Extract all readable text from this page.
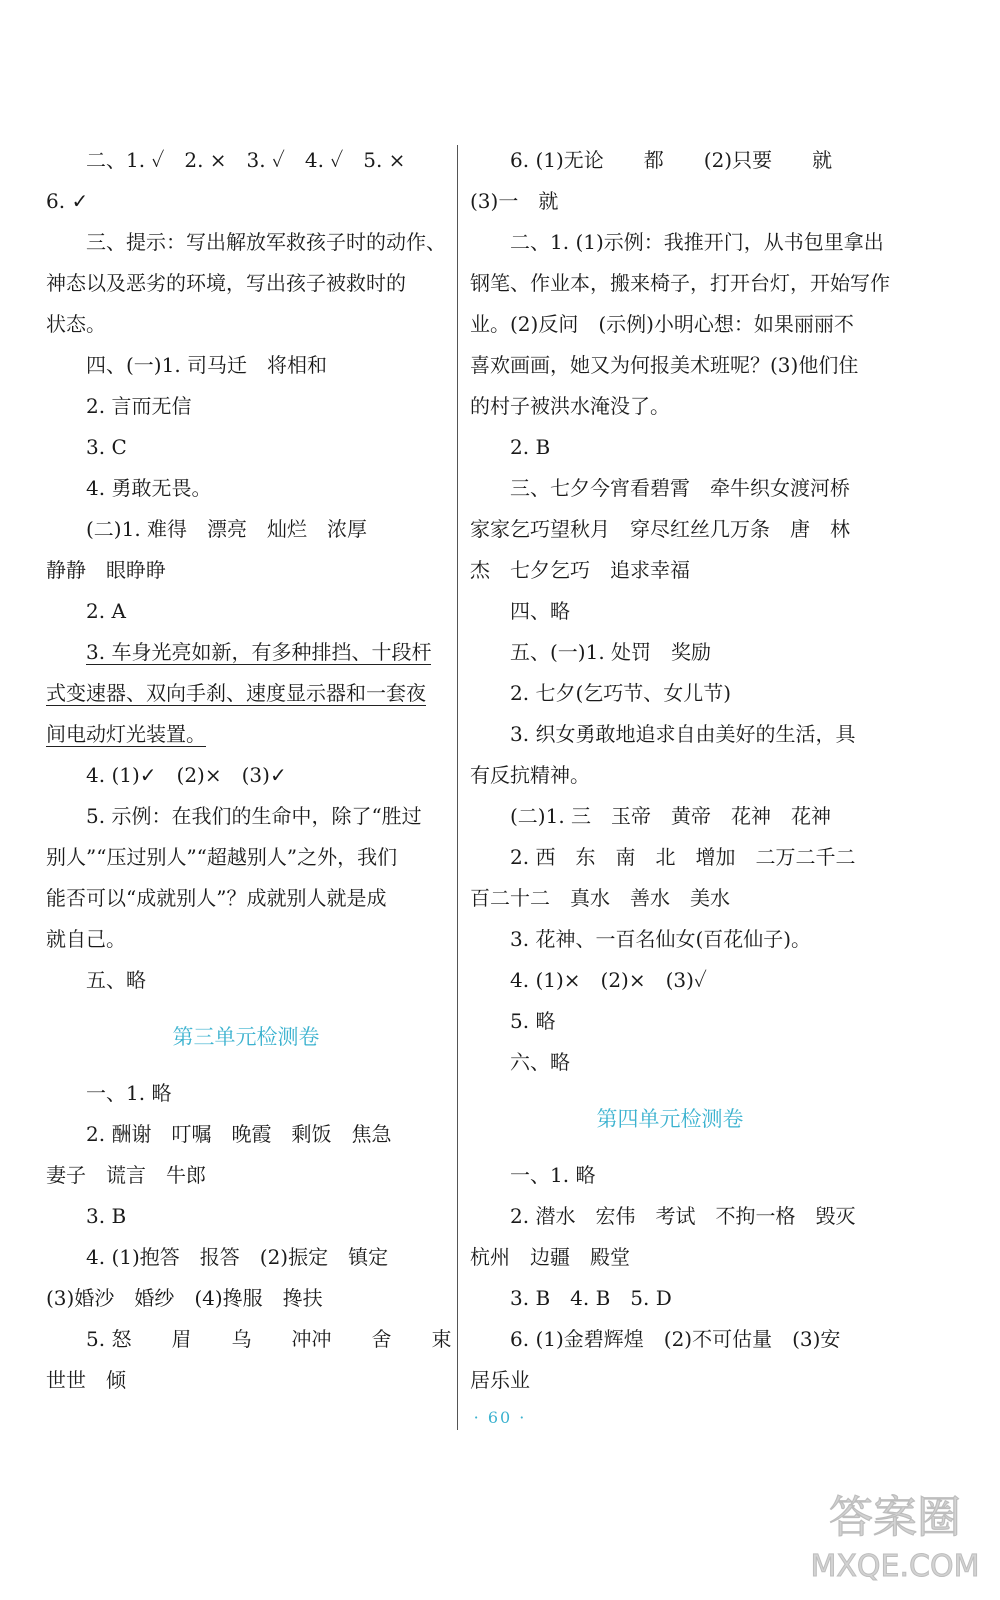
二、1. ✓　2. ×　3. ✓　4. ✓　5. ×
6. ✓
三、提示：写出解放军救孩子时的动作、
神态以及恶劣的环境，写出孩子被救时的
状态。
四、(一)1. 司马迁　将相和
2. 言而无信
3. C
4. 勇敢无畏。
(二)1. 难得　漂亮　灿烂　浓厚
静静　眼睁睁
2. A
3. 车身光亮如新，有多种排挡、十段杆
式变速器、双向手刹、速度显示器和一套夜
间电动灯光装置。
4. (1)✓　(2)×　(3)✓
5. 示例：在我们的生命中，除了“胜过
别人”“压过别人”“超越别人”之外，我们
能否可以“成就别人”？成就别人就是成
就自己。
五、略
第三单元检测卷
一、1. 略
2. 酬谢　叮嘱　晚霞　剩饭　焦急
妻子　谎言　牛郎
3. B
4. (1)抱答　报答　(2)振定　镇定
(3)婚沙　婚纱　(4)搀服　搀扶
5. 怒　　眉　　乌　　冲冲　　舍　　束
世世　倾
6. (1)无论　　都　　(2)只要　　就
(3)一　就
二、1. (1)示例：我推开门，从书包里拿出
钢笔、作业本，搬来椅子，打开台灯，开始写作
业。(2)反问　(示例)小明心想：如果丽丽不
喜欢画画，她又为何报美术班呢？(3)他们住
的村子被洪水淹没了。
2. B
三、七夕今宵看碧霄　牵牛织女渡河桥
家家乞巧望秋月　穿尽红丝几万条　唐　林
杰　七夕乞巧　追求幸福
四、略
五、(一)1. 处罚　奖励
2. 七夕(乞巧节、女儿节)
3. 织女勇敢地追求自由美好的生活，具
有反抗精神。
(二)1. 三　玉帝　黄帝　花神　花神
2. 西　东　南　北　增加　二万二千二
百二十二　真水　善水　美水
3. 花神、一百名仙女(百花仙子)。
4. (1)×　(2)×　(3)✓
5. 略
六、略
第四单元检测卷
一、1. 略
2. 潜水　宏伟　考试　不拘一格　毁灭
杭州　边疆　殿堂
3. B　4. B　5. D
6. (1)金碧辉煌　(2)不可估量　(3)安
居乐业
· 60 ·
答案圈
MXQE.COM
